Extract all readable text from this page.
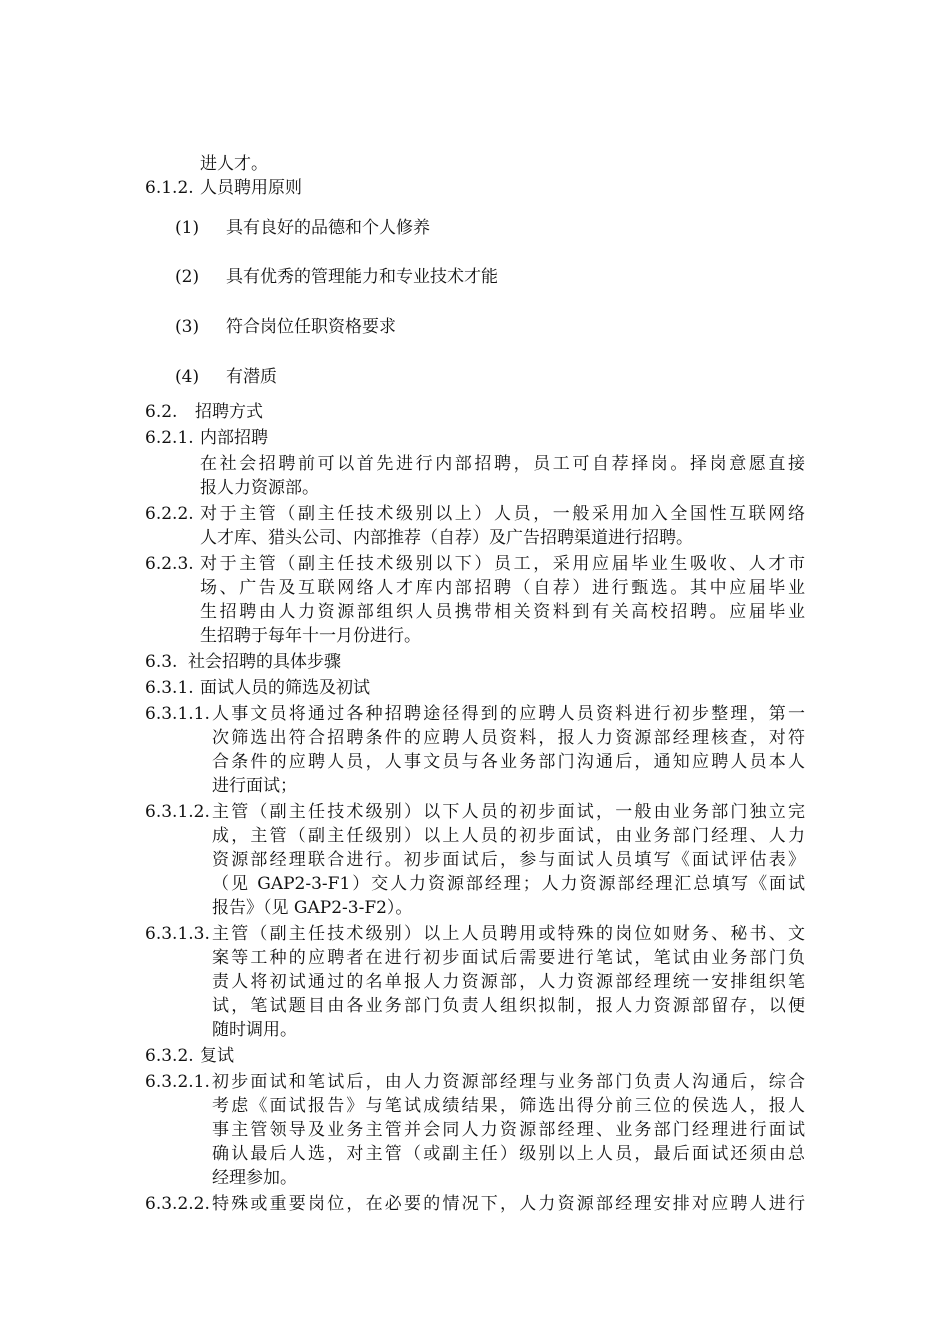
进人才。
6.1.2. 人员聘用原则
(1) 具有良好的品德和个人修养
(2) 具有优秀的管理能力和专业技术才能
(3) 符合岗位任职资格要求
(4) 有潜质
6.2. 招聘方式
6.2.1. 内部招聘
在社会招聘前可以首先进行内部招聘，员工可自荐择岗。择岗意愿直接
报人力资源部。
6.2.2. 对于主管（副主任技术级别以上）人员，一般采用加入全国性互联网络
人才库、猎头公司、内部推荐（自荐）及广告招聘渠道进行招聘。
6.2.3. 对于主管（副主任技术级别以下）员工，采用应届毕业生吸收、人才市
场、广告及互联网络人才库内部招聘（自荐）进行甄选。其中应届毕业
生招聘由人力资源部组织人员携带相关资料到有关高校招聘。应届毕业
生招聘于每年十一月份进行。
6.3. 社会招聘的具体步骤
6.3.1. 面试人员的筛选及初试
6.3.1.1. 人事文员将通过各种招聘途径得到的应聘人员资料进行初步整理，第一
次筛选出符合招聘条件的应聘人员资料，报人力资源部经理核查，对符
合条件的应聘人员，人事文员与各业务部门沟通后，通知应聘人员本人
进行面试；
6.3.1.2. 主管（副主任技术级别）以下人员的初步面试，一般由业务部门独立完
成，主管（副主任级别）以上人员的初步面试，由业务部门经理、人力
资源部经理联合进行。初步面试后，参与面试人员填写《面试评估表》
（见 GAP2-3-F1）交人力资源部经理；人力资源部经理汇总填写《面试
报告》（见 GAP2-3-F2）。
6.3.1.3. 主管（副主任技术级别）以上人员聘用或特殊的岗位如财务、秘书、文
案等工种的应聘者在进行初步面试后需要进行笔试，笔试由业务部门负
责人将初试通过的名单报人力资源部，人力资源部经理统一安排组织笔
试，笔试题目由各业务部门负责人组织拟制，报人力资源部留存，以便
随时调用。
6.3.2. 复试
6.3.2.1. 初步面试和笔试后，由人力资源部经理与业务部门负责人沟通后，综合
考虑《面试报告》与笔试成绩结果，筛选出得分前三位的侯选人，报人
事主管领导及业务主管并会同人力资源部经理、业务部门经理进行面试
确认最后人选，对主管（或副主任）级别以上人员，最后面试还须由总
经理参加。
6.3.2.2. 特殊或重要岗位，在必要的情况下，人力资源部经理安排对应聘人进行
